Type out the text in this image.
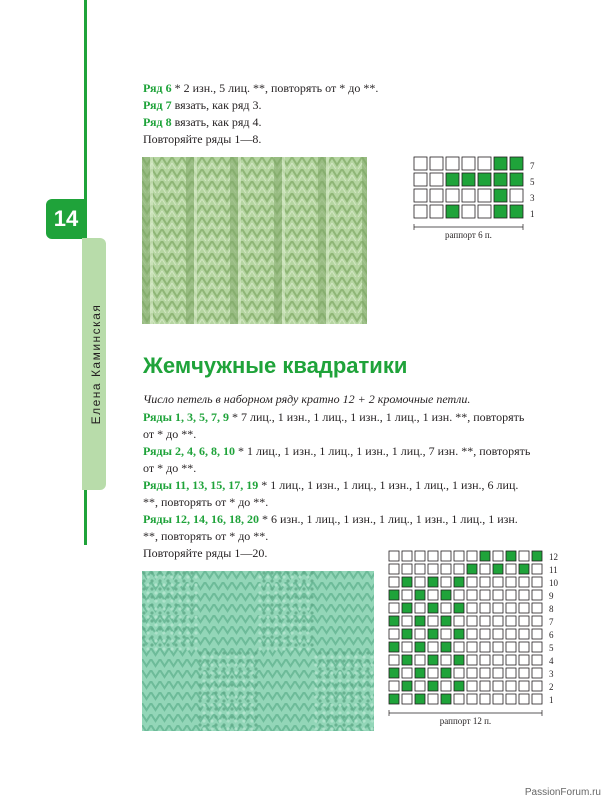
14
Елена Каминская

Ряд 6 * 2 изн., 5 лиц. **, повторять от * до **.

Ряд 7 вязать, как ряд 3.

Ряд 8 вязать, как ряд 4.

Повторяйте ряды 1—8.

7
5
3
1
раппорт 6 п.
Жемчужные квадратики

Число петель в наборном ряду кратно 12 + 2 кромочные петли.

Ряды 1, 3, 5, 7, 9 * 7 лиц., 1 изн., 1 лиц., 1 изн., 1 лиц., 1 изн. **, повторять

от * до **.

Ряды 2, 4, 6, 8, 10 * 1 лиц., 1 изн., 1 лиц., 1 изн., 1 лиц., 7 изн. **, повторять

от * до **.

Ряды 11, 13, 15, 17, 19 * 1 лиц., 1 изн., 1 лиц., 1 изн., 1 лиц., 1 изн., 6 лиц.

**, повторять от * до **.

Ряды 12, 14, 16, 18, 20 * 6 изн., 1 лиц., 1 изн., 1 лиц., 1 изн., 1 лиц., 1 изн.

**, повторять от * до **.

Повторяйте ряды 1—20.	12
11
10
9
8
7
6
5
4
3
2
1
раппорт 12 п.
PassionForum.ru
